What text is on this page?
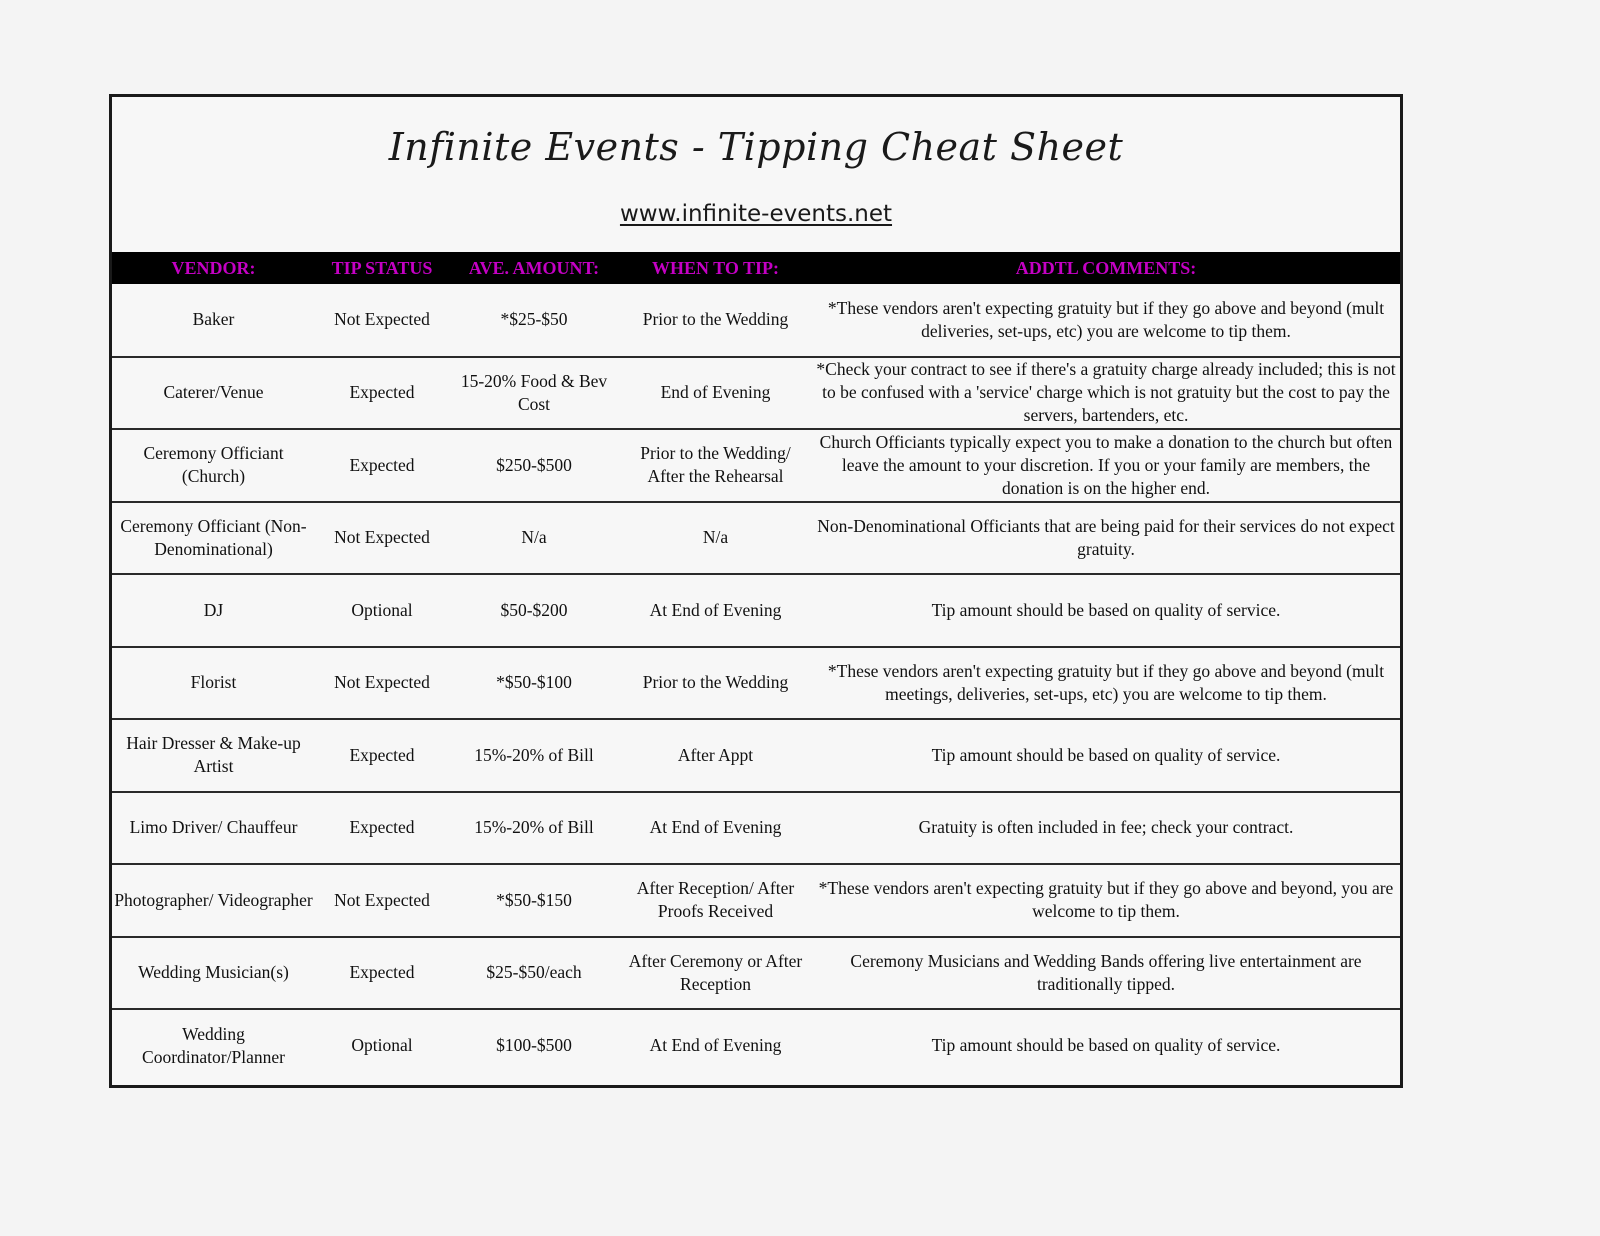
Infinite Events - Tipping Cheat Sheet
www.infinite-events.net
VENDOR:	TIP STATUS	AVE. AMOUNT:	WHEN TO TIP:	ADDTL COMMENTS:
Baker	Not Expected	*$25-$50	Prior to the Wedding	*These vendors aren't expecting gratuity but if they go above and beyond (mult deliveries, set-ups, etc) you are welcome to tip them.
Caterer/Venue	Expected	15-20% Food & Bev Cost	End of Evening	*Check your contract to see if there's a gratuity charge already included; this is not to be confused with a 'service' charge which is not gratuity but the cost to pay the servers, bartenders, etc.
Ceremony Officiant (Church)	Expected	$250-$500	Prior to the Wedding/ After the Rehearsal	Church Officiants typically expect you to make a donation to the church but often leave the amount to your discretion. If you or your family are members, the donation is on the higher end.
Ceremony Officiant (Non-Denominational)	Not Expected	N/a	N/a	Non-Denominational Officiants that are being paid for their services do not expect gratuity.
DJ	Optional	$50-$200	At End of Evening	Tip amount should be based on quality of service.
Florist	Not Expected	*$50-$100	Prior to the Wedding	*These vendors aren't expecting gratuity but if they go above and beyond (mult meetings, deliveries, set-ups, etc) you are welcome to tip them.
Hair Dresser & Make-up Artist	Expected	15%-20% of Bill	After Appt	Tip amount should be based on quality of service.
Limo Driver/ Chauffeur	Expected	15%-20% of Bill	At End of Evening	Gratuity is often included in fee; check your contract.
Photographer/ Videographer	Not Expected	*$50-$150	After Reception/ After Proofs Received	*These vendors aren't expecting gratuity but if they go above and beyond, you are welcome to tip them.
Wedding Musician(s)	Expected	$25-$50/each	After Ceremony or After Reception	Ceremony Musicians and Wedding Bands offering live entertainment are traditionally tipped.
Wedding Coordinator/Planner	Optional	$100-$500	At End of Evening	Tip amount should be based on quality of service.
